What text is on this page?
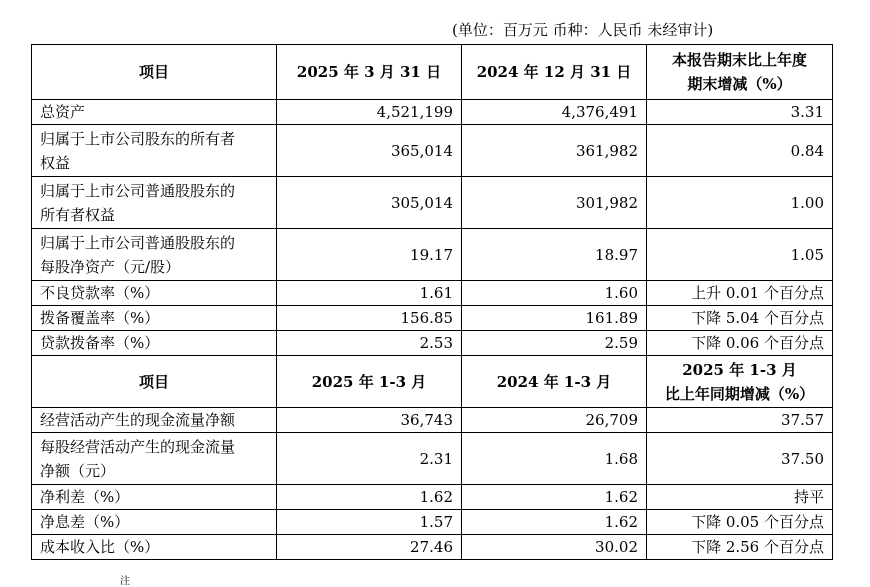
(单位：百万元 币种：人民币 未经审计)
项目	2025 年 3 月 31 日	2024 年 12 月 31 日	本报告期末比上年度
期末增减（%）

总资产	4,521,199	4,376,491	3.31

归属于上市公司股东的所有者
权益	365,014	361,982	0.84

归属于上市公司普通股股东的
所有者权益	305,014	301,982	1.00

归属于上市公司普通股股东的
每股净资产（元/股）	19.17	18.97	1.05
不良贷款率（%）	1.61	1.60	上升 0.01 个百分点
拨备覆盖率（%）	156.85	161.89	下降 5.04 个百分点
贷款拨备率（%）	2.53	2.59	下降 0.06 个百分点
项目	2025 年 1-3 月	2024 年 1-3 月	2025 年 1-3 月
比上年同期增减（%）

经营活动产生的现金流量净额	36,743	26,709	37.57

每股经营活动产生的现金流量
净额（元）	2.31	1.68	37.50
净利差（%）	1.62	1.62	持平
净息差（%）	1.57	1.62	下降 0.05 个百分点
成本收入比（%）	27.46	30.02	下降 2.56 个百分点
注
